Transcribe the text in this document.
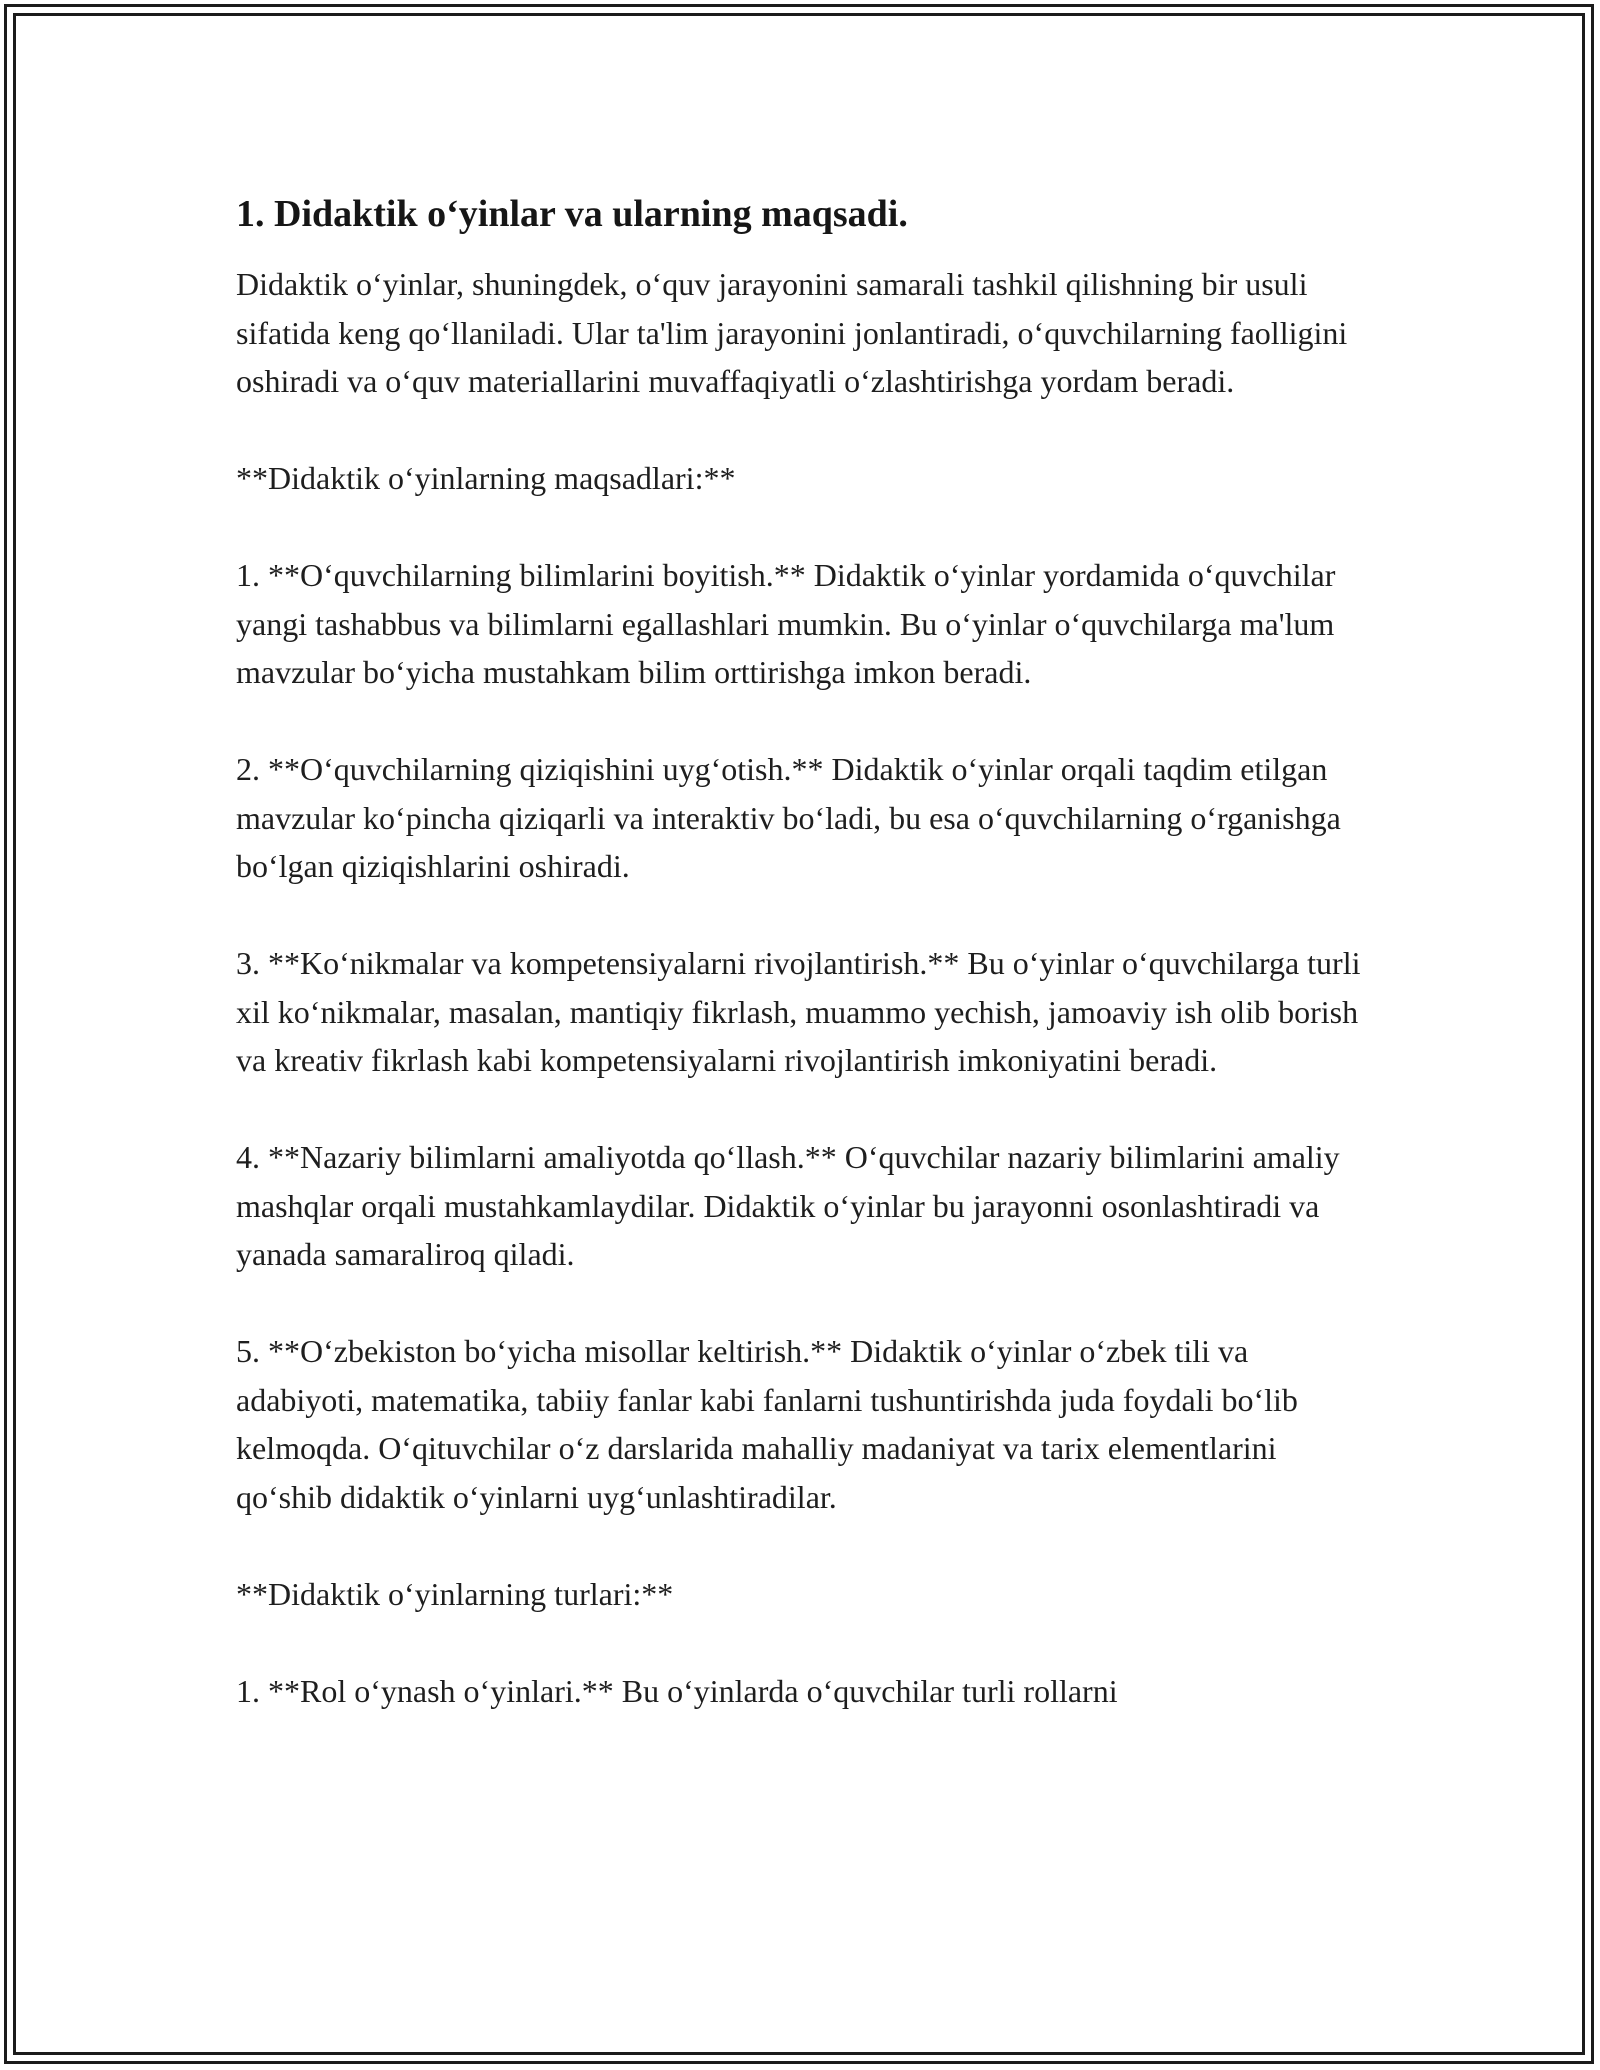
1. Didaktik o‘yinlar va ularning maqsadi.

Didaktik o‘yinlar, shuningdek, o‘quv jarayonini samarali tashkil qilishning bir usuli sifatida keng qo‘llaniladi. Ular ta'lim jarayonini jonlantiradi, o‘quvchilarning faolligini oshiradi va o‘quv materiallarini muvaffaqiyatli o‘zlashtirishga yordam beradi.

**Didaktik o‘yinlarning maqsadlari:**

1. **O‘quvchilarning bilimlarini boyitish.** Didaktik o‘yinlar yordamida o‘quvchilar yangi tashabbus va bilimlarni egallashlari mumkin. Bu o‘yinlar o‘quvchilarga ma'lum mavzular bo‘yicha mustahkam bilim orttirishga imkon beradi.

2. **O‘quvchilarning qiziqishini uyg‘otish.** Didaktik o‘yinlar orqali taqdim etilgan mavzular ko‘pincha qiziqarli va interaktiv bo‘ladi, bu esa o‘quvchilarning o‘rganishga bo‘lgan qiziqishlarini oshiradi.

3. **Ko‘nikmalar va kompetensiyalarni rivojlantirish.** Bu o‘yinlar o‘quvchilarga turli xil ko‘nikmalar, masalan, mantiqiy fikrlash, muammo yechish, jamoaviy ish olib borish va kreativ fikrlash kabi kompetensiyalarni rivojlantirish imkoniyatini beradi.

4. **Nazariy bilimlarni amaliyotda qo‘llash.** O‘quvchilar nazariy bilimlarini amaliy mashqlar orqali mustahkamlaydilar. Didaktik o‘yinlar bu jarayonni osonlashtiradi va yanada samaraliroq qiladi.

5. **O‘zbekiston bo‘yicha misollar keltirish.** Didaktik o‘yinlar o‘zbek tili va adabiyoti, matematika, tabiiy fanlar kabi fanlarni tushuntirishda juda foydali bo‘lib kelmoqda. O‘qituvchilar o‘z darslarida mahalliy madaniyat va tarix elementlarini qo‘shib didaktik o‘yinlarni uyg‘unlashtiradilar.

**Didaktik o‘yinlarning turlari:**

1. **Rol o‘ynash o‘yinlari.** Bu o‘yinlarda o‘quvchilar turli rollarni
